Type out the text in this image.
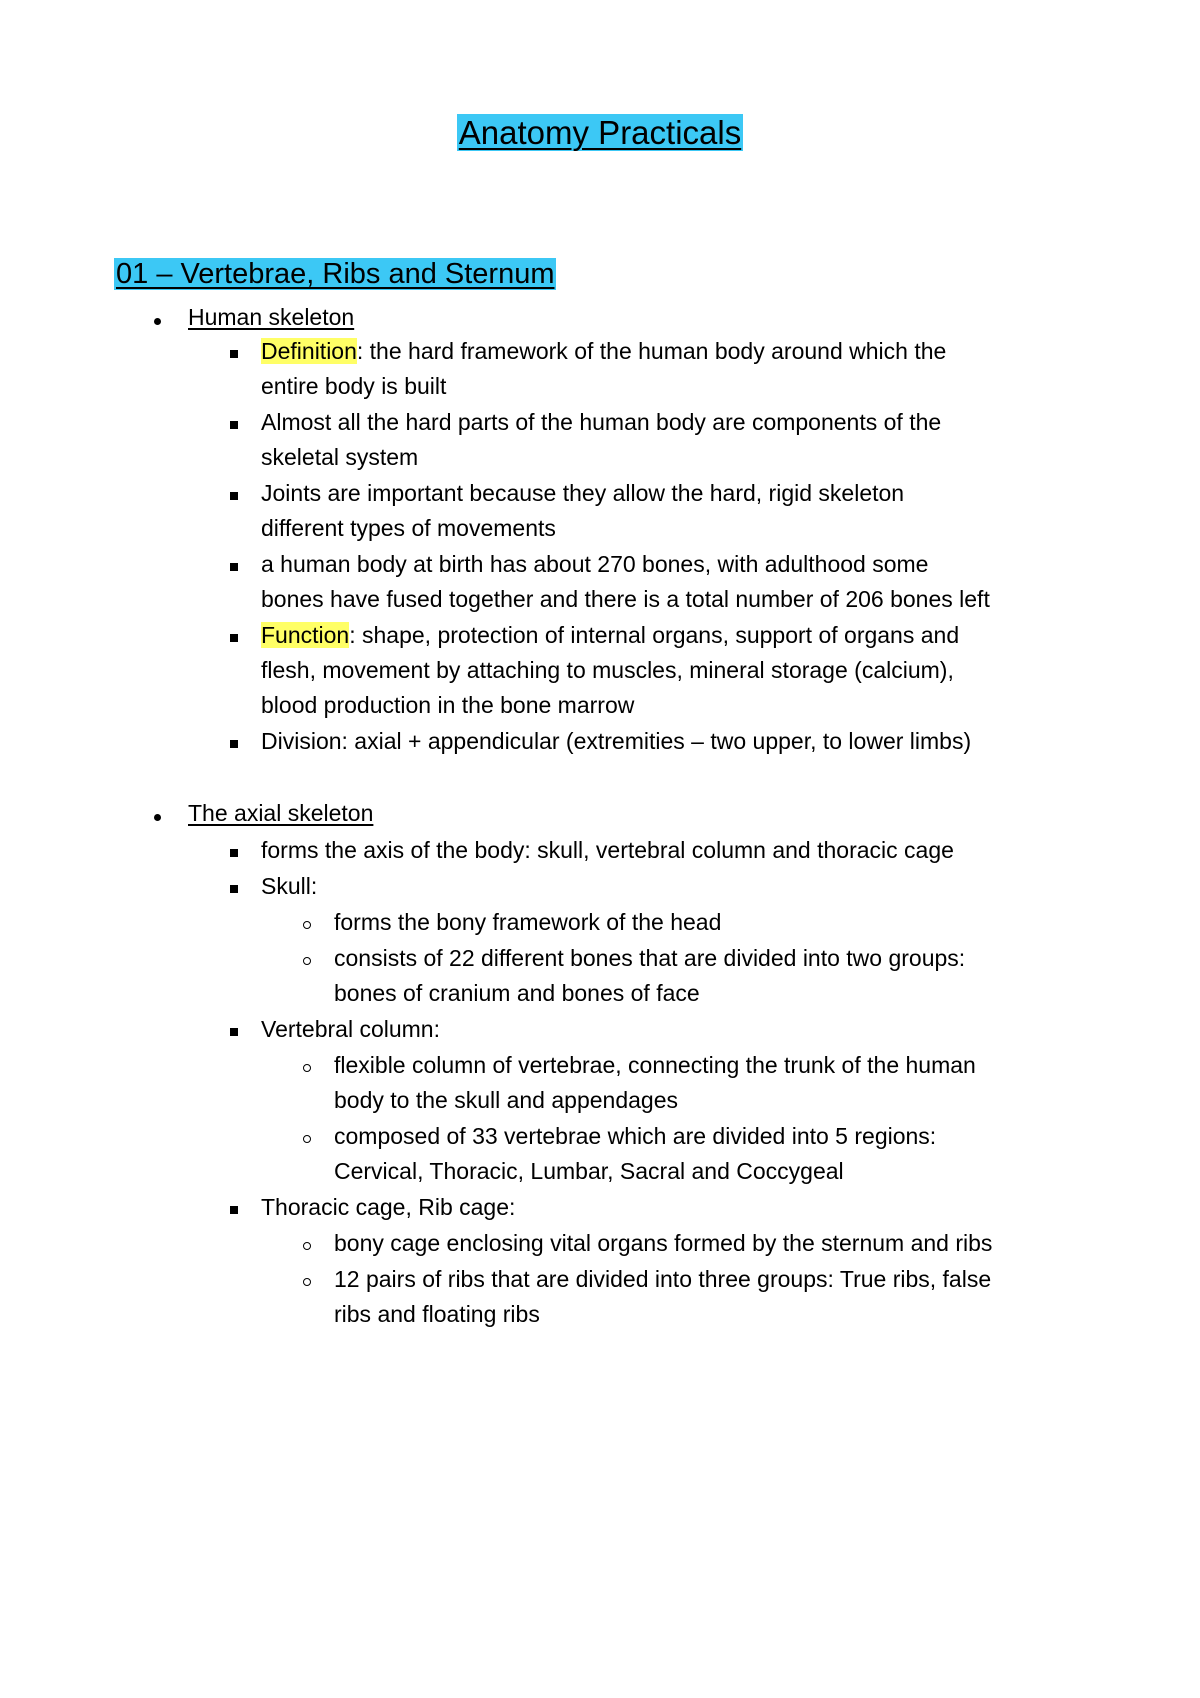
Anatomy Practicals
01 – Vertebrae, Ribs and Sternum
Human skeleton
Definition: the hard framework of the human body around which the
entire body is built
Almost all the hard parts of the human body are components of the
skeletal system
Joints are important because they allow the hard, rigid skeleton
different types of movements
a human body at birth has about 270 bones, with adulthood some
bones have fused together and there is a total number of 206 bones left
Function: shape, protection of internal organs, support of organs and
flesh, movement by attaching to muscles, mineral storage (calcium),
blood production in the bone marrow
Division: axial + appendicular (extremities – two upper, to lower limbs)
The axial skeleton
forms the axis of the body: skull, vertebral column and thoracic cage
Skull:
forms the bony framework of the head
consists of 22 different bones that are divided into two groups:
bones of cranium and bones of face
Vertebral column:
flexible column of vertebrae, connecting the trunk of the human
body to the skull and appendages
composed of 33 vertebrae which are divided into 5 regions:
Cervical, Thoracic, Lumbar, Sacral and Coccygeal
Thoracic cage, Rib cage:
bony cage enclosing vital organs formed by the sternum and ribs
12 pairs of ribs that are divided into three groups: True ribs, false
ribs and floating ribs
